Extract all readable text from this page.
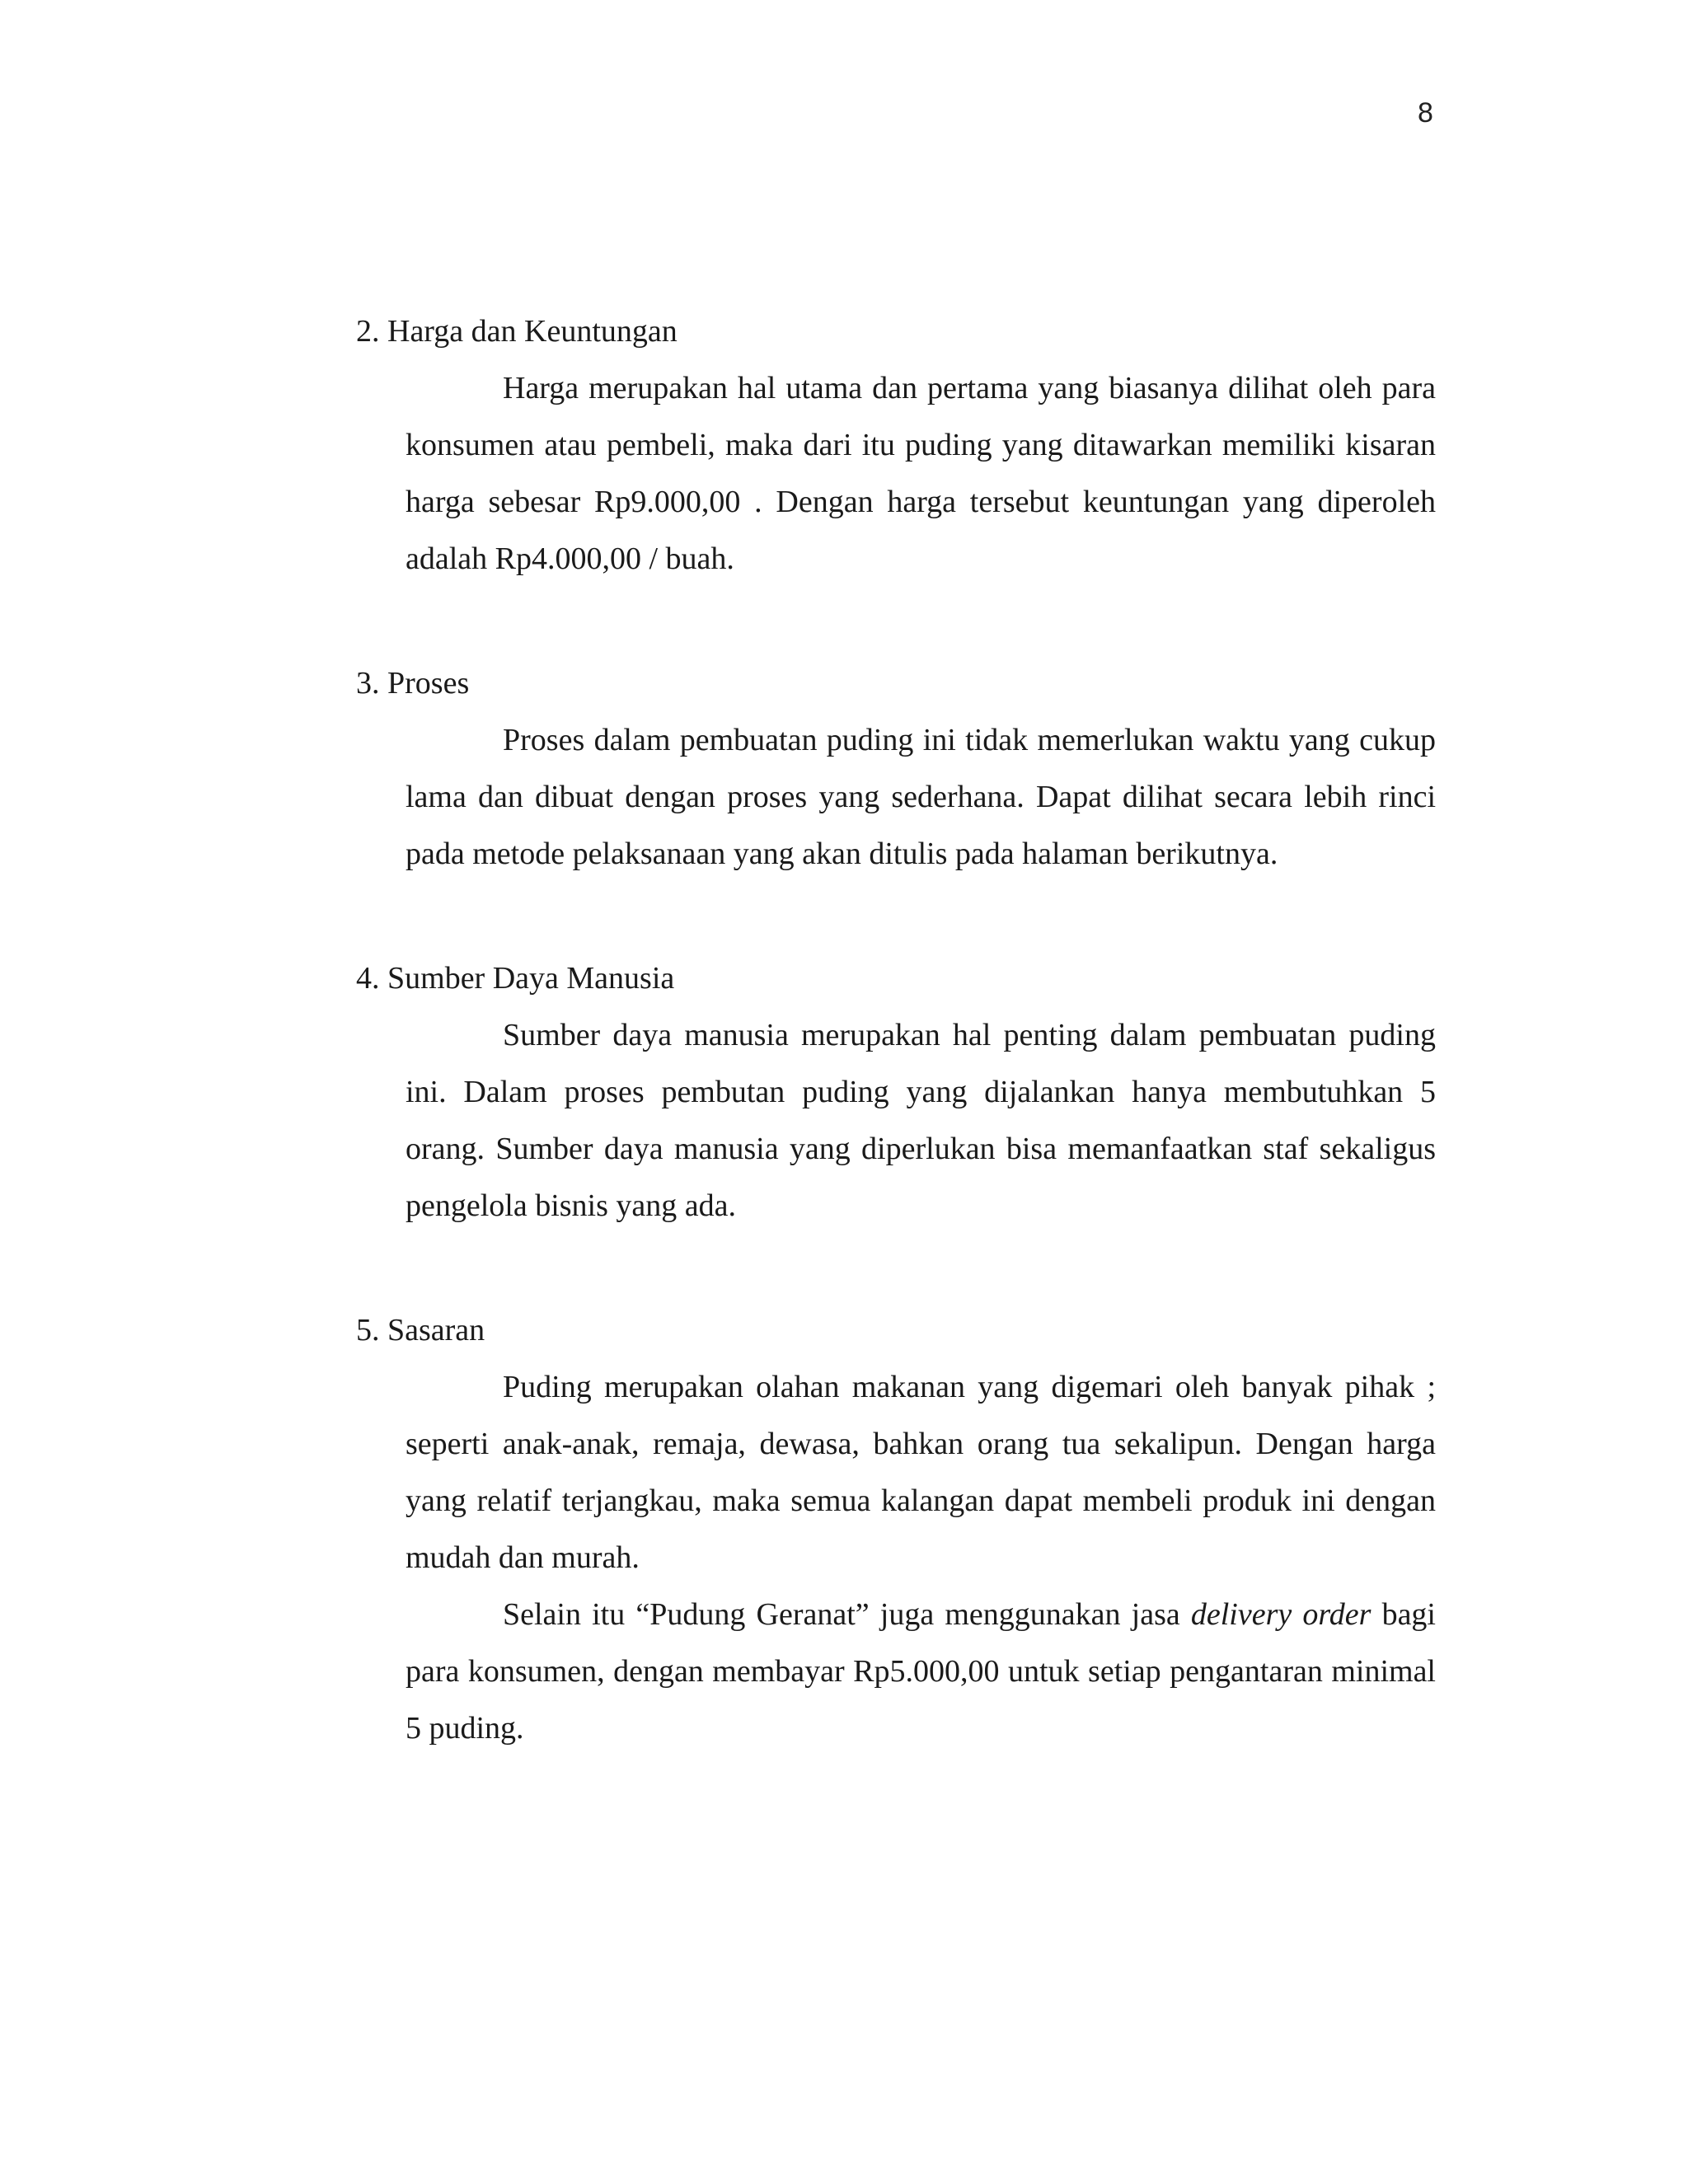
8

2. Harga dan Keuntungan

Harga merupakan hal utama dan pertama yang biasanya dilihat oleh para konsumen atau pembeli, maka dari itu puding yang ditawarkan memiliki kisaran harga sebesar Rp9.000,00 . Dengan harga tersebut keuntungan yang diperoleh adalah Rp4.000,00 / buah.

3. Proses

Proses dalam pembuatan puding ini tidak memerlukan waktu yang cukup lama dan dibuat dengan proses yang sederhana. Dapat dilihat secara lebih rinci pada metode pelaksanaan yang akan ditulis pada halaman berikutnya.

4. Sumber Daya Manusia

Sumber daya manusia merupakan hal penting dalam pembuatan puding ini. Dalam proses pembutan puding yang dijalankan hanya membutuhkan 5 orang. Sumber daya manusia yang diperlukan bisa memanfaatkan staf sekaligus pengelola bisnis yang ada.

5. Sasaran

Puding merupakan olahan makanan yang digemari oleh banyak pihak ; seperti anak-anak, remaja, dewasa, bahkan orang tua sekalipun. Dengan harga yang relatif terjangkau, maka semua kalangan dapat membeli produk ini dengan mudah dan murah.

Selain itu “Pudung Geranat” juga menggunakan jasa delivery order bagi para konsumen, dengan membayar Rp5.000,00 untuk setiap pengantaran minimal 5 puding.
